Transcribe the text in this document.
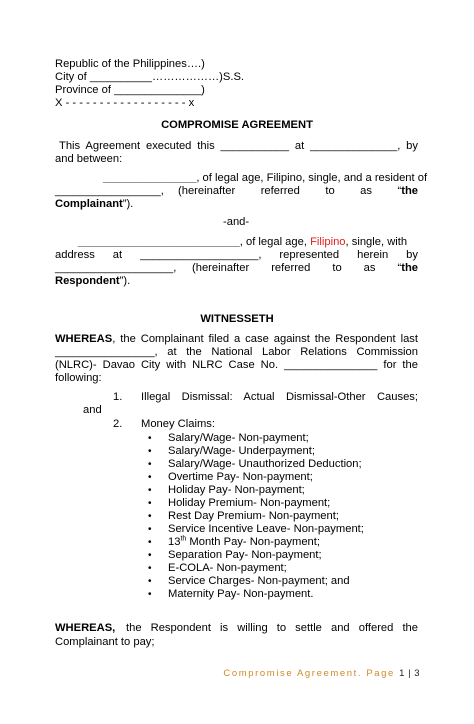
Republic of the Philippines….)
City of __________………………)S.S.
Province of ______________)
X - - - - - - - - - - - - - - - - - - x
COMPROMISE AGREEMENT
This Agreement executed this ___________ at ______________, by
and between:
_______________, of legal age, Filipino, single, and a resident of
_________________, (hereinafter referred to as “the
Complainant”).
-and-
__________________________, of legal age, Filipino, single, with
address at ___________________, represented herein by
___________________, (hereinafter referred to as “the
Respondent”).
WITNESSETH
WHEREAS, the Complainant filed a case against the Respondent last
________________, at the National Labor Relations Commission
(NLRC)- Davao City with NLRC Case No. _______________ for the
following:
1. Illegal Dismissal: Actual Dismissal-Other Causes;
and
2. Money Claims:
• Salary/Wage- Non-payment;
• Salary/Wage- Underpayment;
• Salary/Wage- Unauthorized Deduction;
• Overtime Pay- Non-payment;
• Holiday Pay- Non-payment;
• Holiday Premium- Non-payment;
• Rest Day Premium- Non-payment;
• Service Incentive Leave- Non-payment;
• 13th Month Pay- Non-payment;
• Separation Pay- Non-payment;
• E-COLA- Non-payment;
• Service Charges- Non-payment; and
• Maternity Pay- Non-payment.
WHEREAS, the Respondent is willing to settle and offered the
Complainant to pay;
Compromise Agreement. Page 1 | 3
